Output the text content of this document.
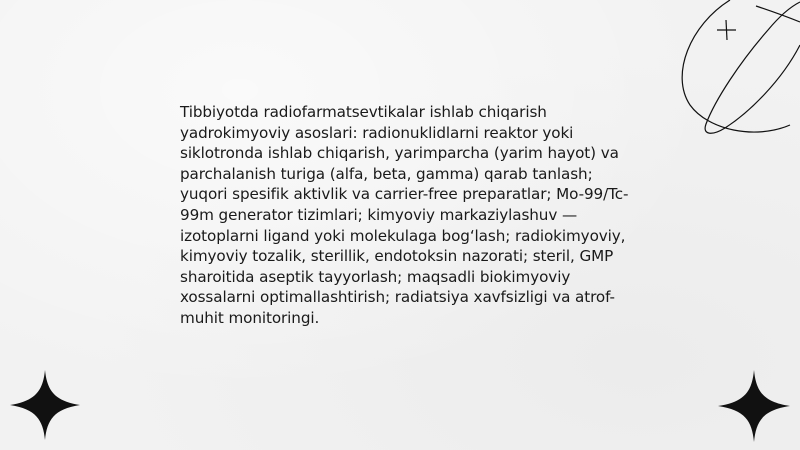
Tibbiyotda radiofarmatsevtikalar ishlab chiqarish yadrokimyoviy asoslari: radionuklidlarni reaktor yoki siklotronda ishlab chiqarish, yarimparcha (yarim hayot) va parchalanish turiga (alfa, beta, gamma) qarab tanlash; yuqori spesifik aktivlik va carrier-free preparatlar; Mo-99/Tc-99m generator tizimlari; kimyoviy markaziylashuv — izotoplarni ligand yoki molekulaga bog‘lash; radiokimyoviy, kimyoviy tozalik, sterillik, endotoksin nazorati; steril, GMP sharoitida aseptik tayyorlash; maqsadli biokimyoviy xossalarni optimallashtirish; radiatsiya xavfsizligi va atrof-muhit monitoringi.
